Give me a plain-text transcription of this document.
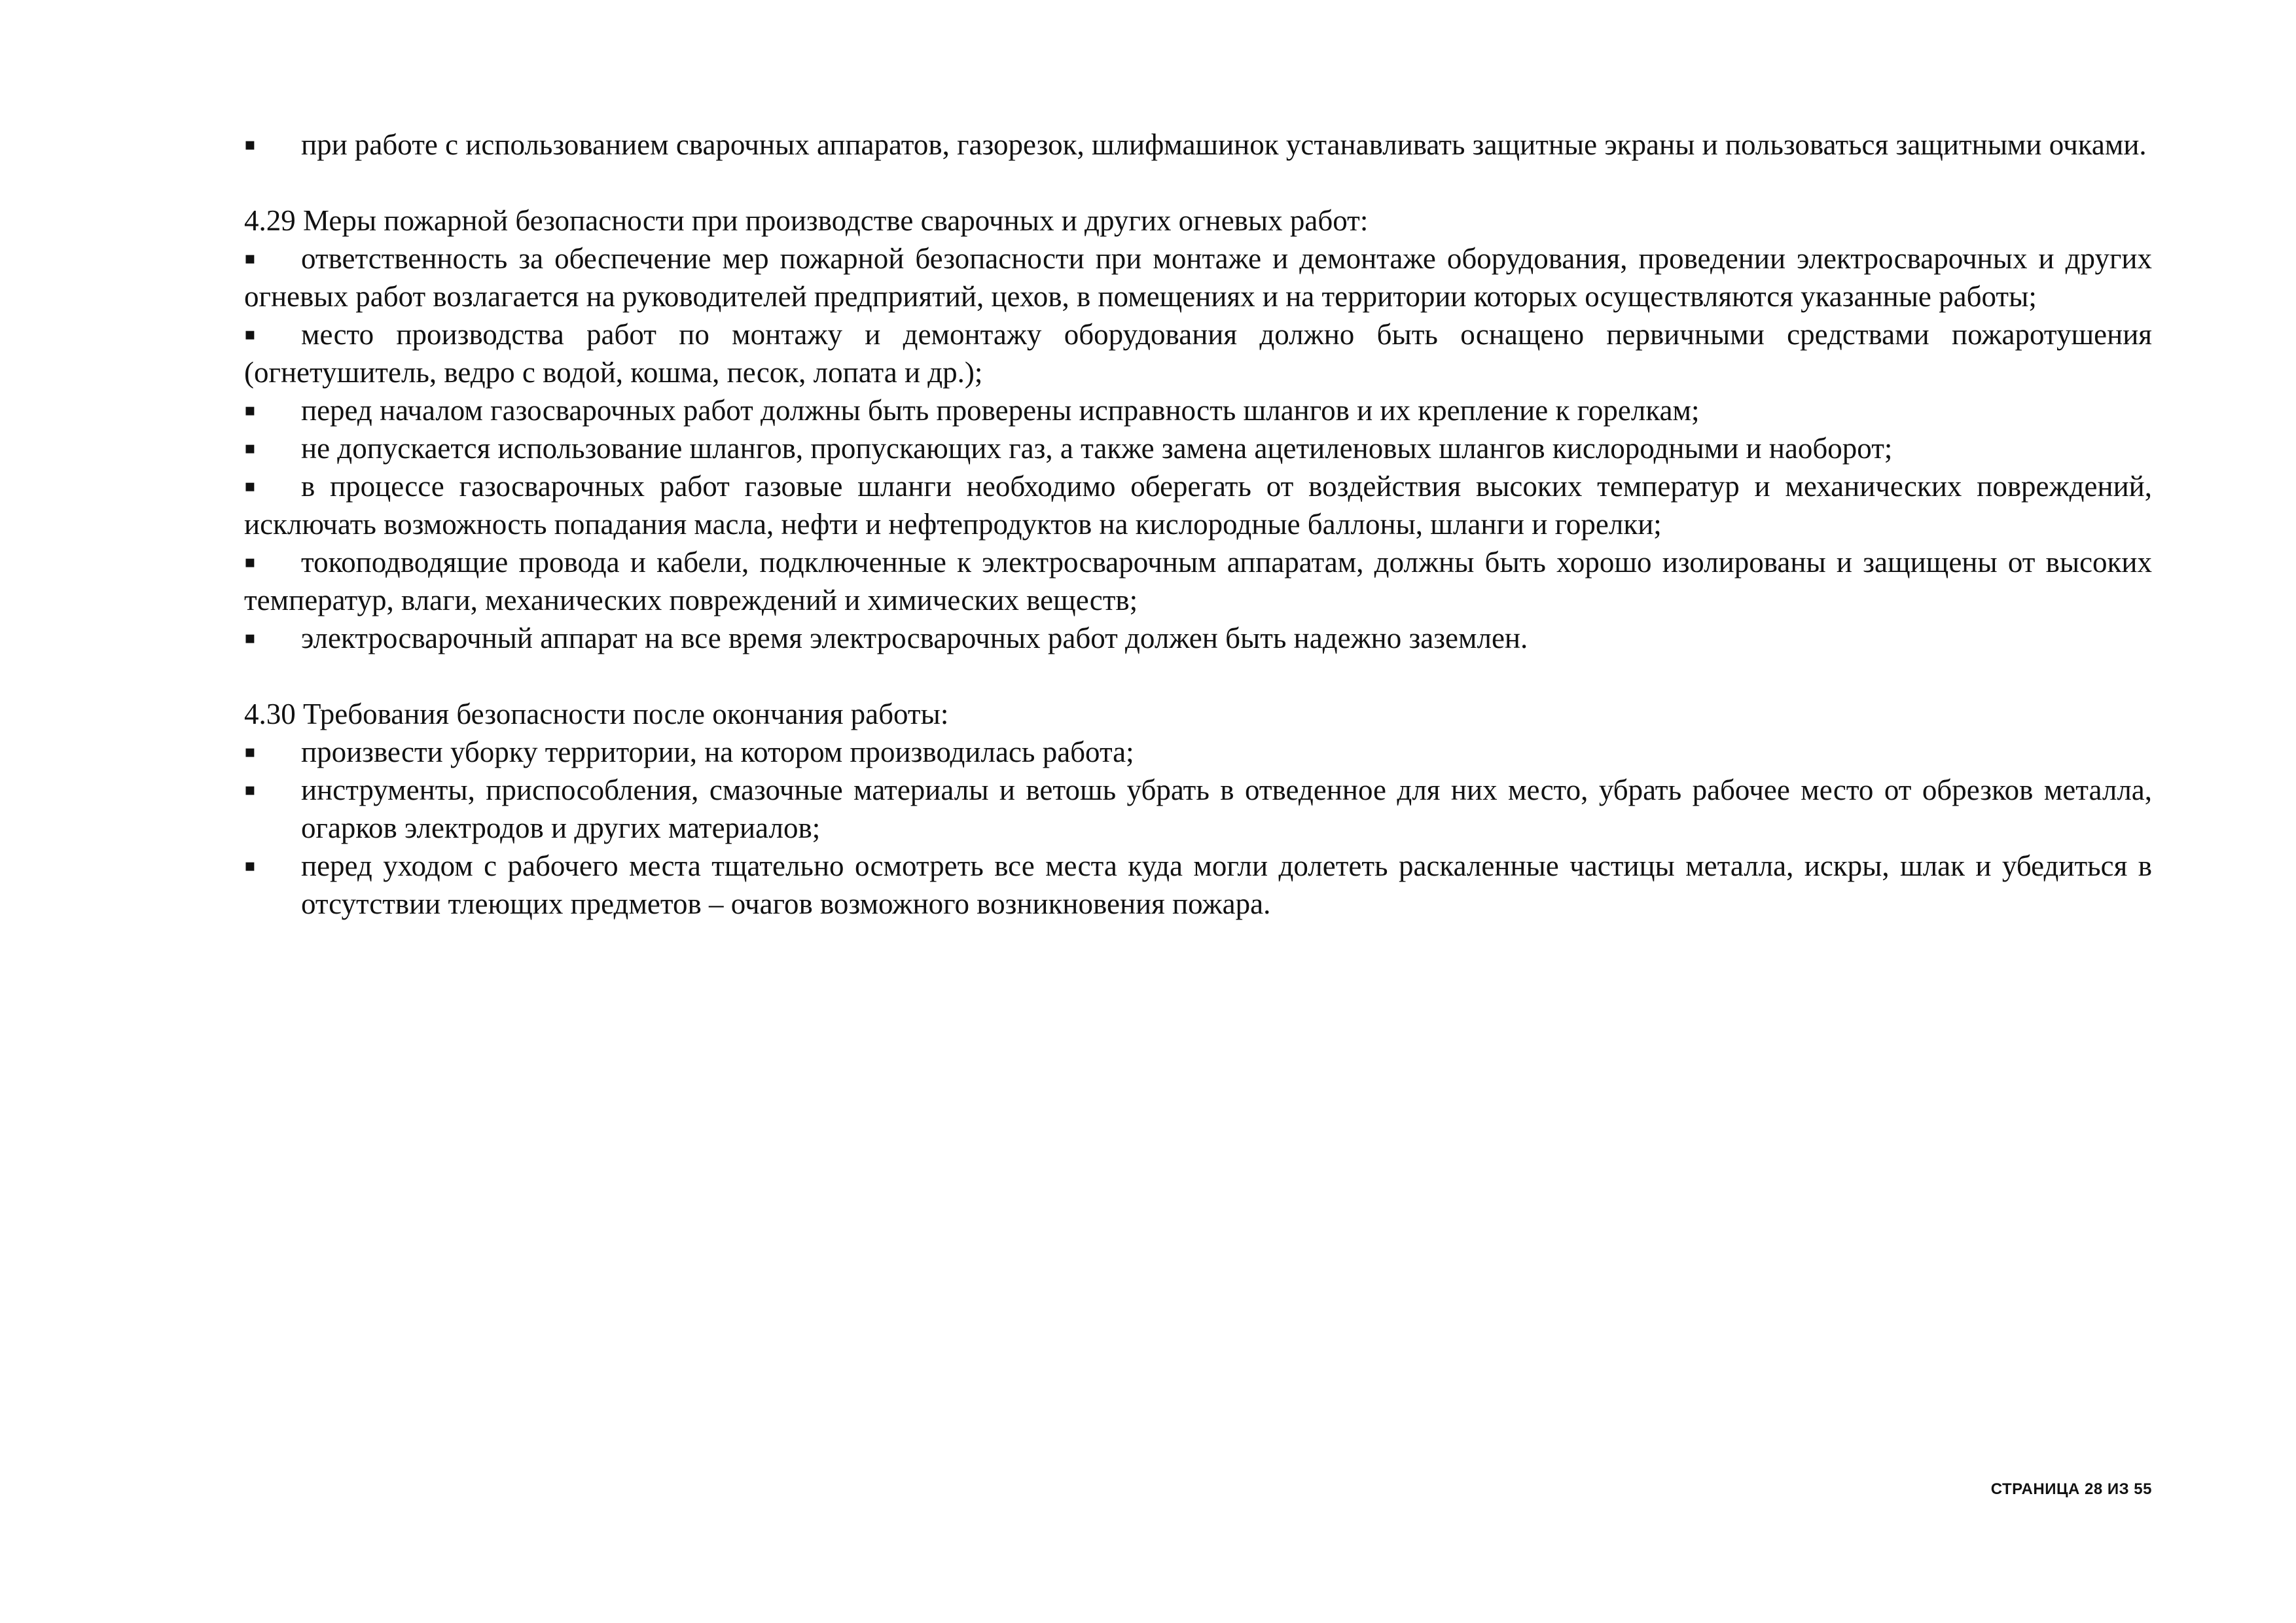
▪ при работе с использованием сварочных аппаратов, газорезок, шлифмашинок устанавливать защитные экраны и пользоваться защитными очками.

4.29 Меры пожарной безопасности при производстве сварочных и других огневых работ:

▪ ответственность за обеспечение мер пожарной безопасности при монтаже и демонтаже оборудования, проведении электросварочных и других огневых работ возлагается на руководителей предприятий, цехов, в помещениях и на территории которых осуществляются указанные работы;
▪ место производства работ по монтажу и демонтажу оборудования должно быть оснащено первичными средствами пожаротушения (огнетушитель, ведро с водой, кошма, песок, лопата и др.);
▪ перед началом газосварочных работ должны быть проверены исправность шлангов и их крепление к горелкам;
▪ не допускается использование шлангов, пропускающих газ, а также замена ацетиленовых шлангов кислородными и наоборот;
▪ в процессе газосварочных работ газовые шланги необходимо оберегать от воздействия высоких температур и механических повреждений, исключать возможность попадания масла, нефти и нефтепродуктов на кислородные баллоны, шланги и горелки;
▪ токоподводящие провода и кабели, подключенные к электросварочным аппаратам, должны быть хорошо изолированы и защищены от высоких температур, влаги, механических повреждений и химических веществ;
▪ электросварочный аппарат на все время электросварочных работ должен быть надежно заземлен.

4.30 Требования безопасности после окончания работы:

▪ произвести уборку территории, на котором производилась работа;
▪ инструменты, приспособления, смазочные материалы и ветошь убрать в отведенное для них место, убрать рабочее место от обрезков металла, огарков электродов и других материалов;
▪ перед уходом с рабочего места тщательно осмотреть все места куда могли долететь раскаленные частицы металла, искры, шлак и убедиться в отсутствии тлеющих предметов – очагов возможного возникновения пожара.
СТРАНИЦА 28 ИЗ 55
